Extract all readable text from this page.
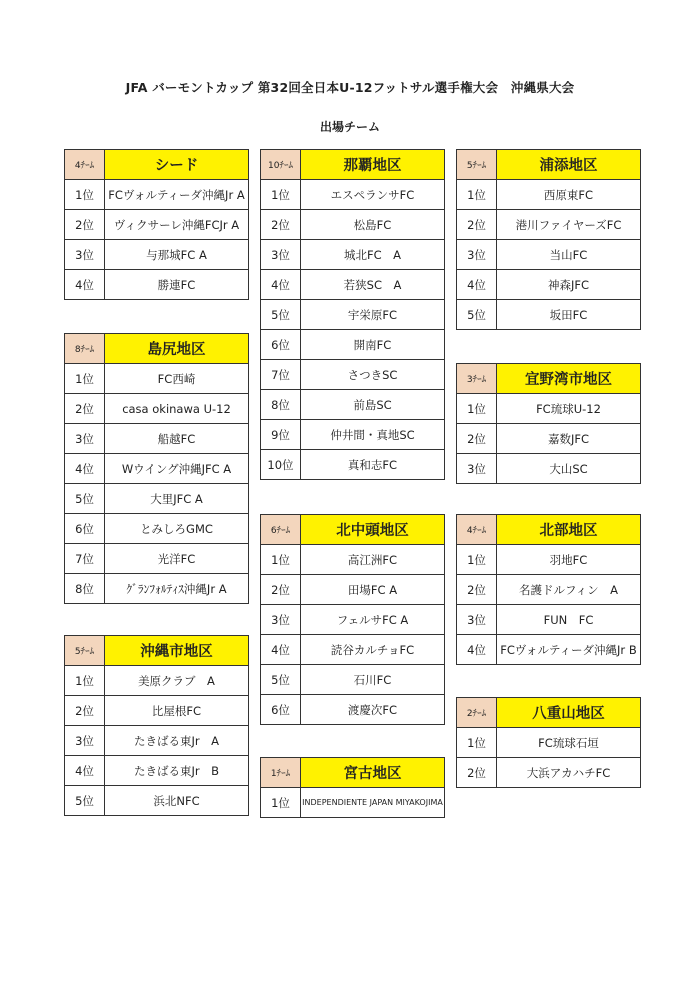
JFA バーモントカップ 第32回全日本U-12フットサル選手権大会　沖縄県大会
出場チーム
4ﾁｰﾑ	シード
1位	FCヴォルティーダ沖縄Jr A
2位	ヴィクサーレ沖縄FCJr A
3位	与那城FC A
4位	勝連FC
8ﾁｰﾑ	島尻地区
1位	FC西崎
2位	casa okinawa U-12
3位	船越FC
4位	Wウイング沖縄JFC A
5位	大里JFC A
6位	とみしろGMC
7位	光洋FC
8位	ｸﾞﾗﾝﾌｫﾙﾃｨｽ沖縄Jr A
5ﾁｰﾑ	沖縄市地区
1位	美原クラブ　A
2位	比屋根FC
3位	たきばる東Jr　A
4位	たきばる東Jr　B
5位	浜北NFC
10ﾁｰﾑ	那覇地区
1位	エスペランサFC
2位	松島FC
3位	城北FC　A
4位	若狭SC　A
5位	宇栄原FC
6位	開南FC
7位	さつきSC
8位	前島SC
9位	仲井間・真地SC
10位	真和志FC
6ﾁｰﾑ	北中頭地区
1位	高江洲FC
2位	田場FC A
3位	フェルサFC A
4位	読谷カルチョFC
5位	石川FC
6位	渡慶次FC
1ﾁｰﾑ	宮古地区
1位	INDEPENDIENTE JAPAN MIYAKOJIMA
5ﾁｰﾑ	浦添地区
1位	西原東FC
2位	港川ファイヤーズFC
3位	当山FC
4位	神森JFC
5位	坂田FC
3ﾁｰﾑ	宜野湾市地区
1位	FC琉球U-12
2位	嘉数JFC
3位	大山SC
4ﾁｰﾑ	北部地区
1位	羽地FC
2位	名護ドルフィン　A
3位	FUN　FC
4位	FCヴォルティーダ沖縄Jr B
2ﾁｰﾑ	八重山地区
1位	FC琉球石垣
2位	大浜アカハチFC
